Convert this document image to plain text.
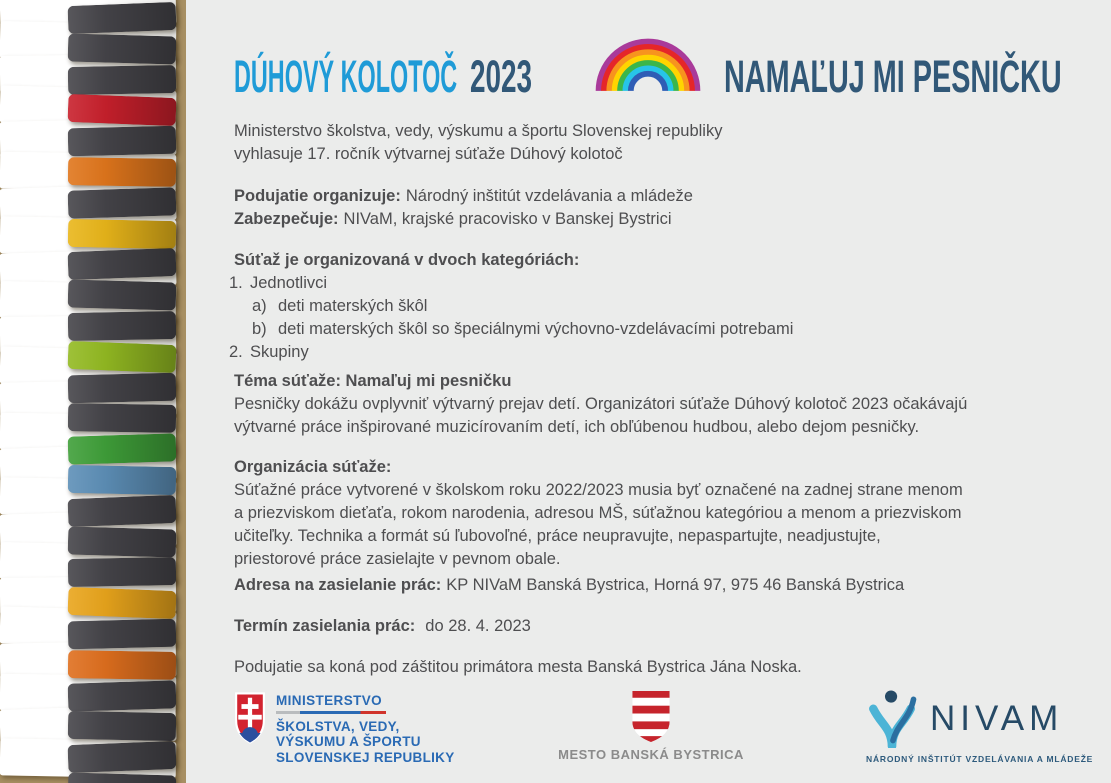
DÚHOVÝ KOLOTOČ 2023	NAMAĽUJ MI PESNIČKU
Ministerstvo školstva, vedy, výskumu a športu Slovenskej republiky
vyhlasuje 17. ročník výtvarnej súťaže Dúhový kolotoč
Podujatie organizuje: Národný inštitút vzdelávania a mládeže
Zabezpečuje: NIVaM, krajské pracovisko v Banskej Bystrici
Súťaž je organizovaná v dvoch kategóriách:
1. Jednotlivci
a) deti materských škôl
b) deti materských škôl so špeciálnymi výchovno-vzdelávacími potrebami
2. Skupiny
Téma súťaže: Namaľuj mi pesničku
Pesničky dokážu ovplyvniť výtvarný prejav detí. Organizátori súťaže Dúhový kolotoč 2023 očakávajú
výtvarné práce inšpirované muzicírovaním detí, ich obľúbenou hudbou, alebo dejom pesničky.
Organizácia súťaže:
Súťažné práce vytvorené v školskom roku 2022/2023 musia byť označené na zadnej strane menom
a priezviskom dieťaťa, rokom narodenia, adresou MŠ, súťažnou kategóriou a menom a priezviskom
učiteľky. Technika a formát sú ľubovoľné, práce neupravujte, nepaspartujte, neadjustujte,
priestorové práce zasielajte v pevnom obale.
Adresa na zasielanie prác: KP NIVaM Banská Bystrica, Horná 97, 975 46 Banská Bystrica
Termín zasielania prác: do 28. 4. 2023
Podujatie sa koná pod záštitou primátora mesta Banská Bystrica Jána Noska.
MINISTERSTVO
ŠKOLSTVA, VEDY,
VÝSKUMU A ŠPORTU
SLOVENSKEJ REPUBLIKY	MESTO BANSKÁ BYSTRICA
NIVAM
NÁRODNÝ INŠTITÚT VZDELÁVANIA A MLÁDEŽE
